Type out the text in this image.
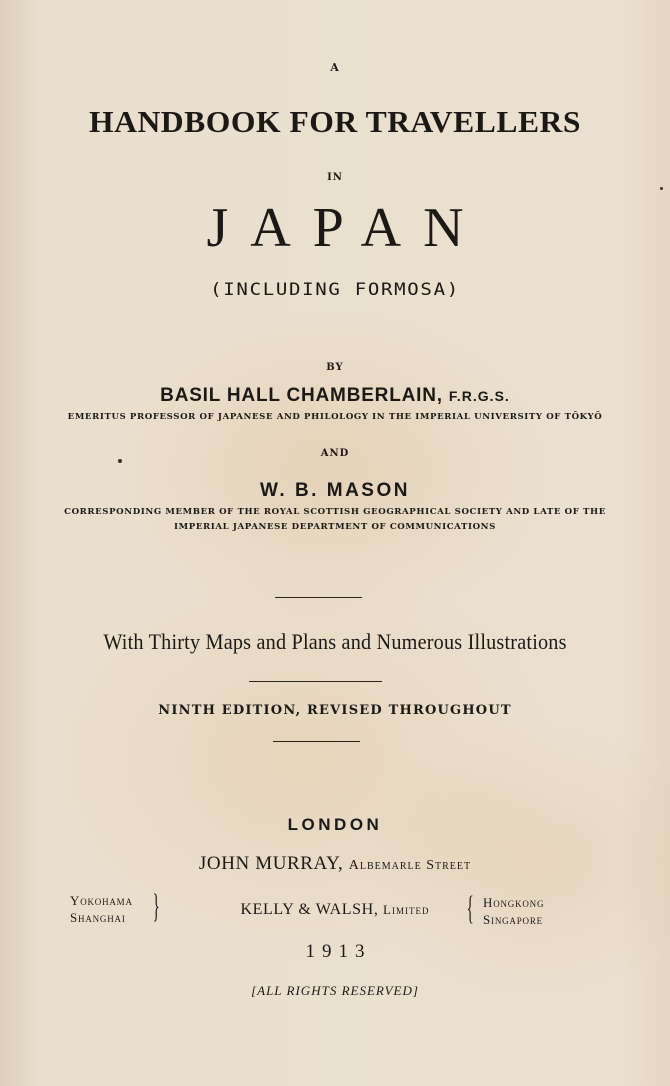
A
HANDBOOK FOR TRAVELLERS
IN
JAPAN
(INCLUDING FORMOSA)
BY
BASIL HALL CHAMBERLAIN, F.R.G.S.
EMERITUS PROFESSOR OF JAPANESE AND PHILOLOGY IN THE IMPERIAL UNIVERSITY OF TŌKYŌ
AND
W. B. MASON
CORRESPONDING MEMBER OF THE ROYAL SCOTTISH GEOGRAPHICAL SOCIETY AND LATE OF THE
IMPERIAL JAPANESE DEPARTMENT OF COMMUNICATIONS
With Thirty Maps and Plans and Numerous Illustrations
NINTH EDITION, REVISED THROUGHOUT
LONDON
JOHN MURRAY, Albemarle Street
Yokohama
Shanghai }	KELLY & WALSH, Limited	{ Hongkong
Singapore
1913
[ALL RIGHTS RESERVED]
